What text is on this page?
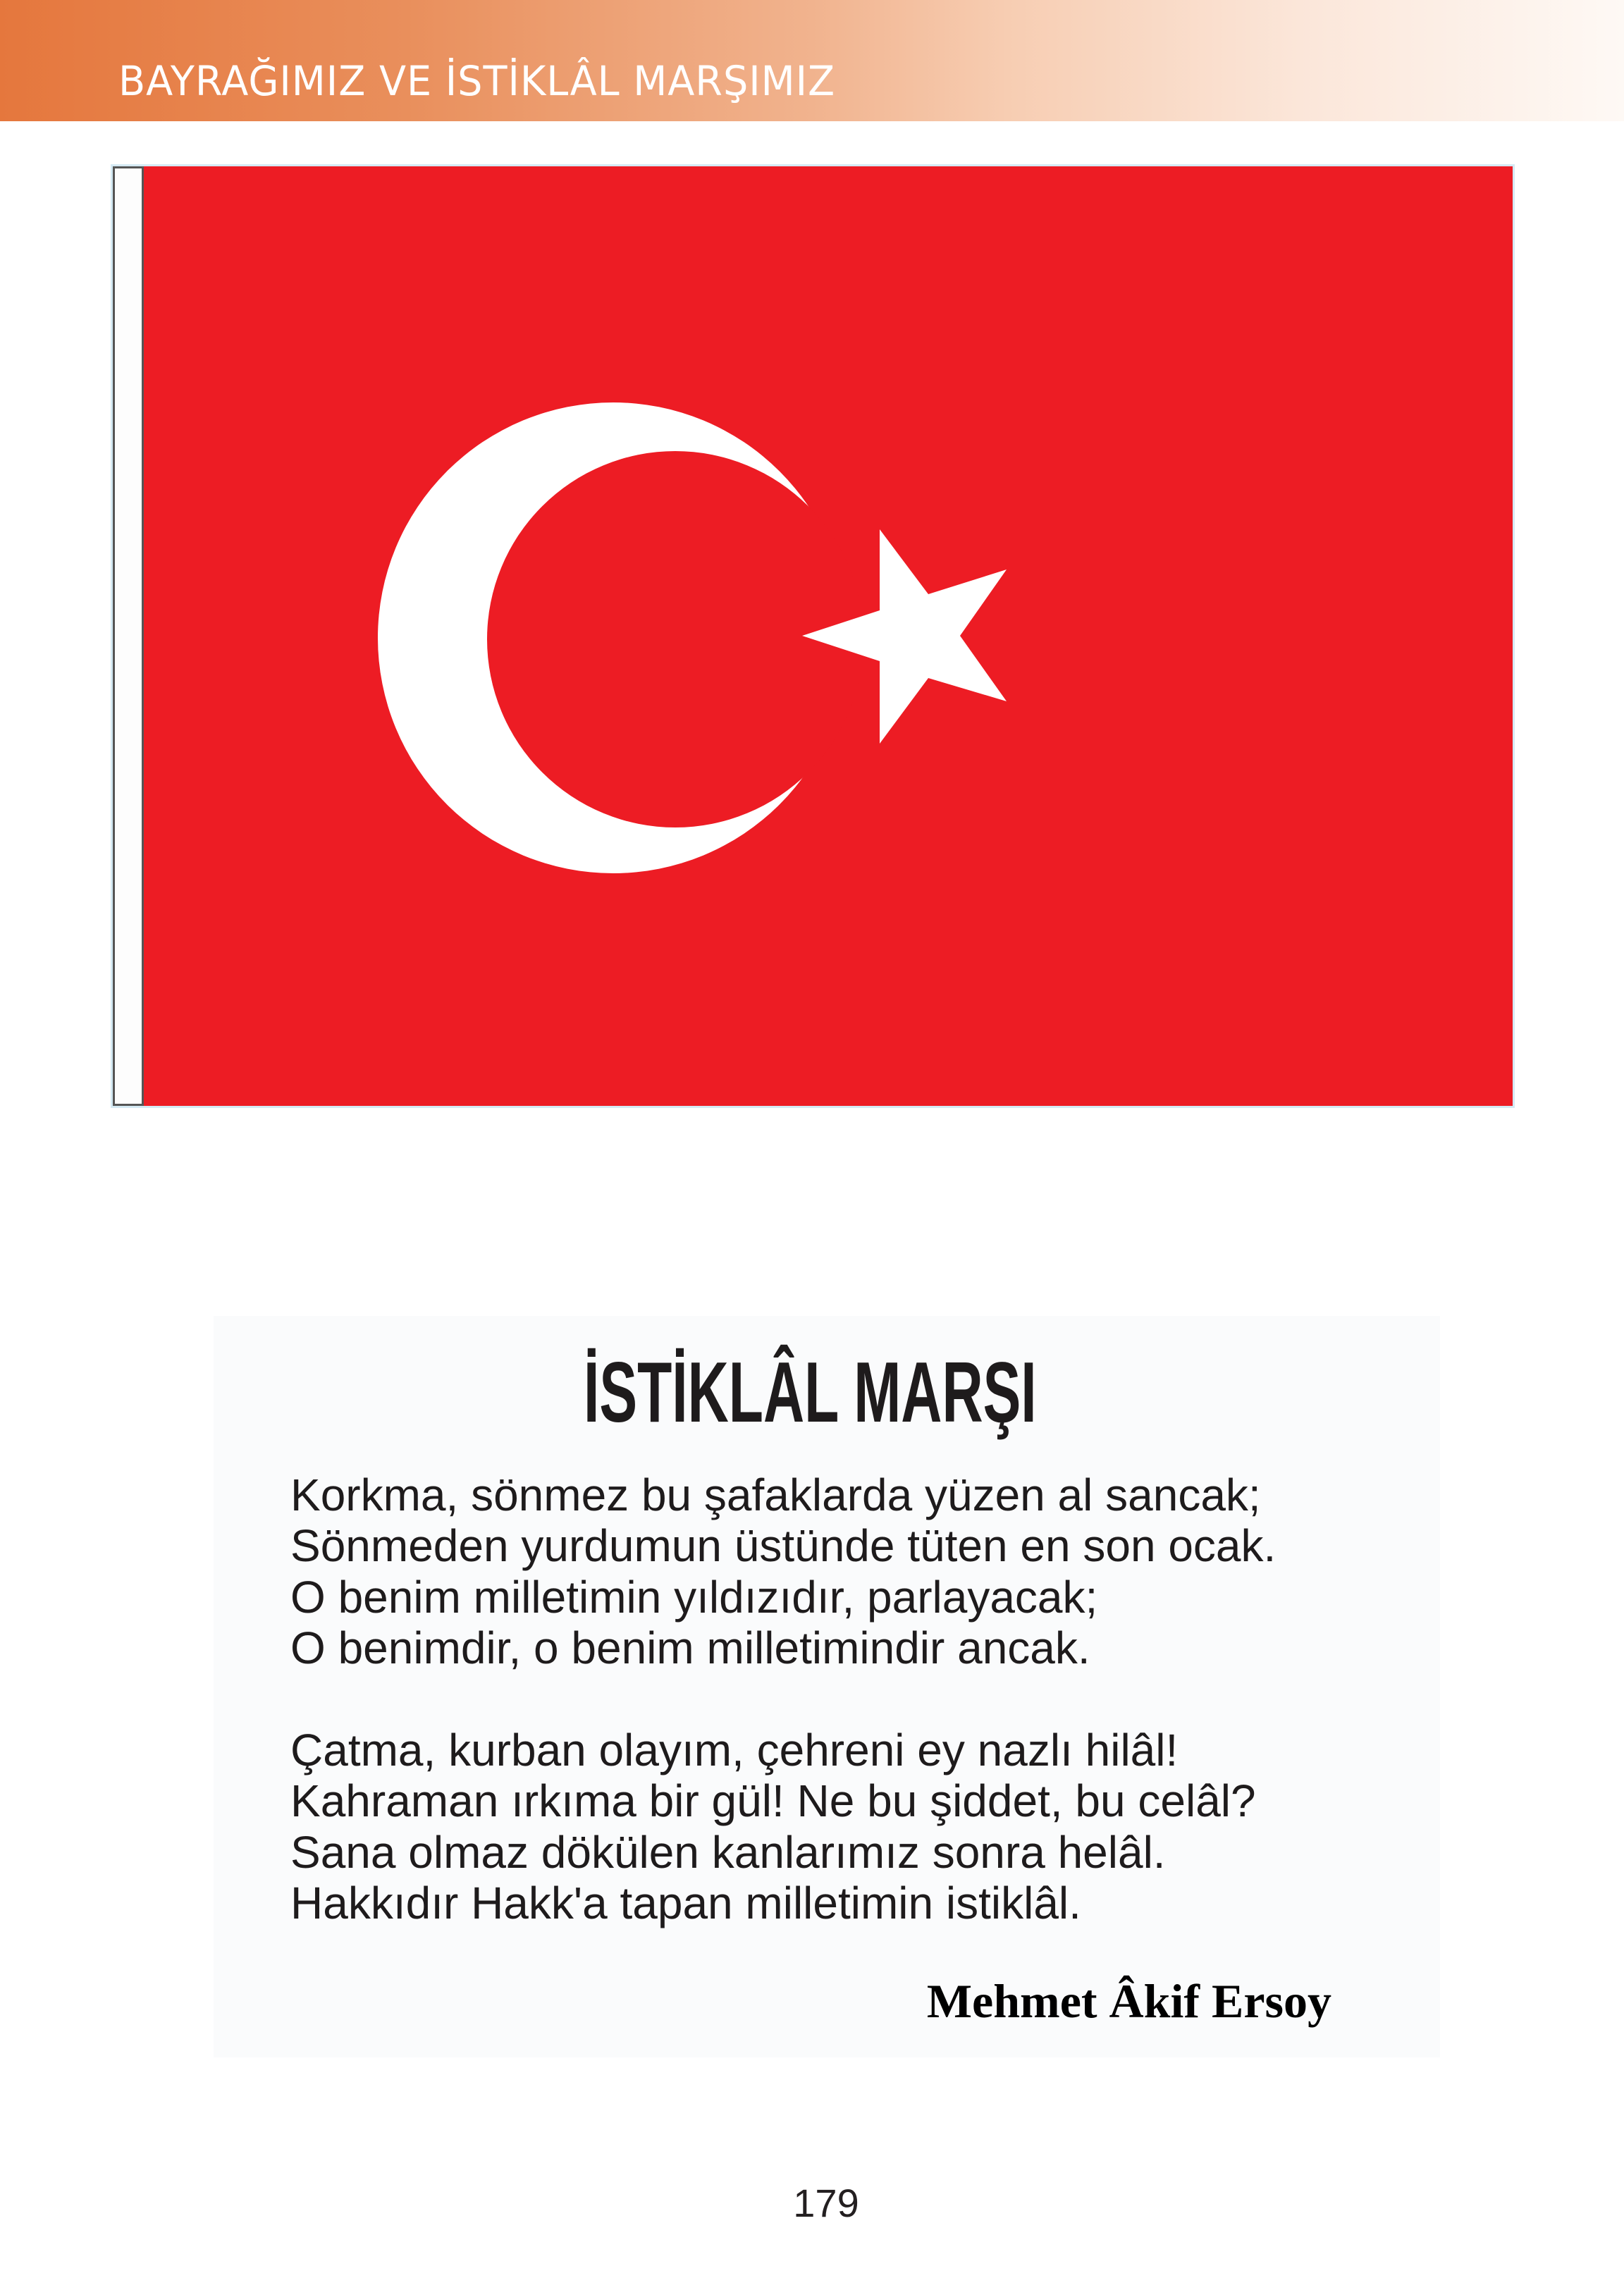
BAYRAĞIMIZ VE İSTİKLÂL MARŞIMIZ
İSTİKLÂL MARŞI
Korkma, sönmez bu şafaklarda yüzen al sancak;
Sönmeden yurdumun üstünde tüten en son ocak.
O benim milletimin yıldızıdır, parlayacak;
O benimdir, o benim milletimindir ancak.
Çatma, kurban olayım, çehreni ey nazlı hilâl!
Kahraman ırkıma bir gül! Ne bu şiddet, bu celâl?
Sana olmaz dökülen kanlarımız sonra helâl.
Hakkıdır Hakk'a tapan milletimin istiklâl.
Mehmet Âkif Ersoy
179
